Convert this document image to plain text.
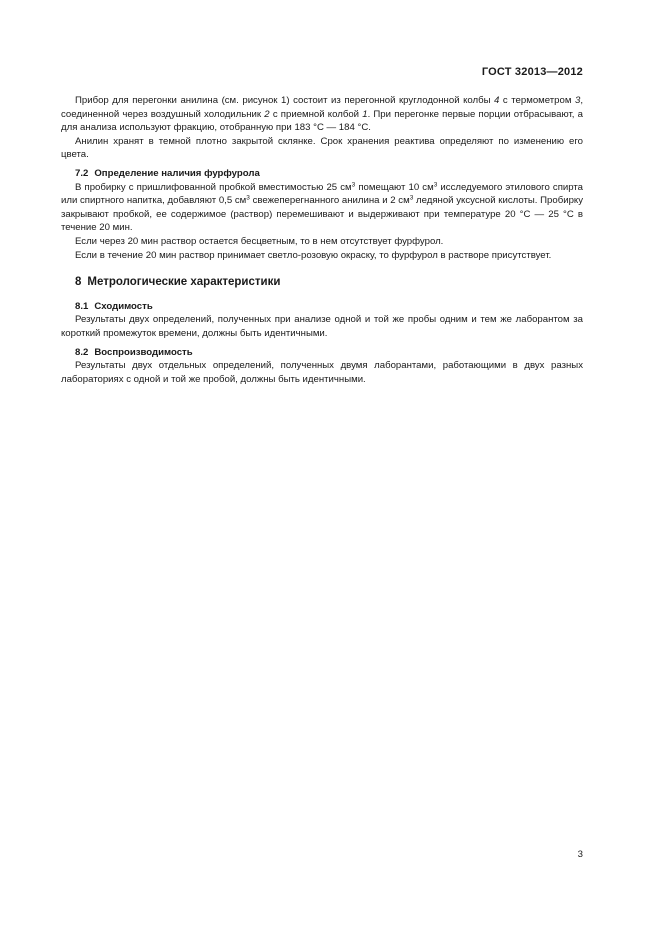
ГОСТ 32013—2012

Прибор для перегонки анилина (см. рисунок 1) состоит из перегонной круглодонной колбы 4 с термометром 3, соединенной через воздушный холодильник 2 с приемной колбой 1. При перегонке первые порции отбрасывают, а для анализа используют фракцию, отобранную при 183 °С — 184 °С.

Анилин хранят в темной плотно закрытой склянке. Срок хранения реактива определяют по изменению его цвета.

7.2 Определение наличия фурфурола

В пробирку с пришлифованной пробкой вместимостью 25 $см^3$ помещают 10 $см^3$ исследуемого этилового спирта или спиртного напитка, добавляют 0,5 $см^3$ свежеперегнанного анилина и 2 $см^3$ ледяной уксусной кислоты. Пробирку закрывают пробкой, ее содержимое (раствор) перемешивают и выдерживают при температуре 20 °С — 25 °С в течение 20 мин.

Если через 20 мин раствор остается бесцветным, то в нем отсутствует фурфурол.

Если в течение 20 мин раствор принимает светло-розовую окраску, то фурфурол в растворе присутствует.

8 Метрологические характеристики
8.1 Сходимость

Результаты двух определений, полученных при анализе одной и той же пробы одним и тем же лаборантом за короткий промежуток времени, должны быть идентичными.

8.2 Воспроизводимость

Результаты двух отдельных определений, полученных двумя лаборантами, работающими в двух разных лабораториях с одной и той же пробой, должны быть идентичными.

3
